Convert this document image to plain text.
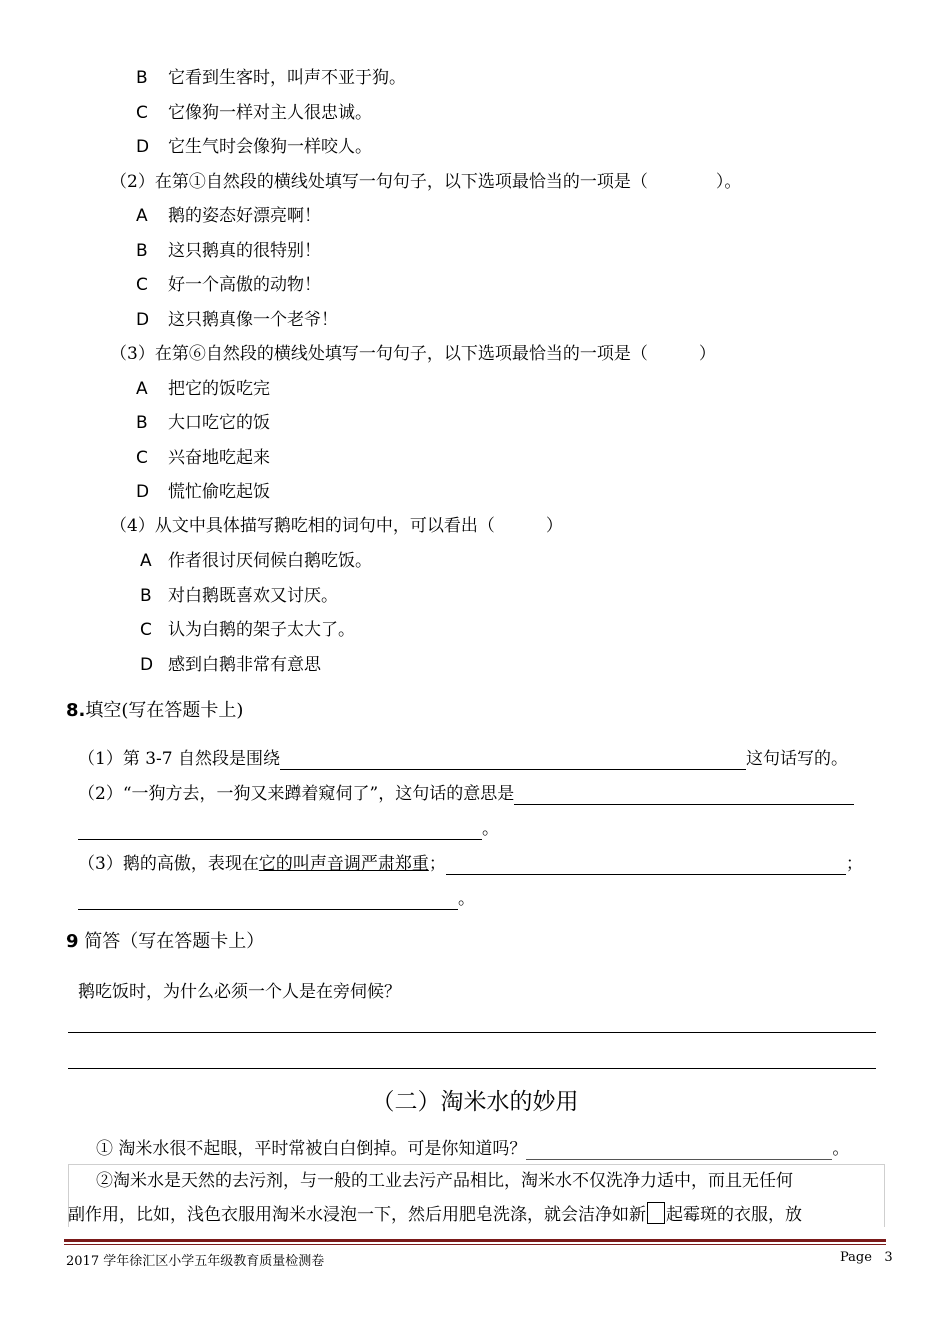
B 它看到生客时，叫声不亚于狗。
C 它像狗一样对主人很忠诚。
D 它生气时会像狗一样咬人。
（2）在第①自然段的横线处填写一句句子，以下选项最恰当的一项是（　　　　）。
A 鹅的姿态好漂亮啊！
B 这只鹅真的很特别！
C 好一个高傲的动物！
D 这只鹅真像一个老爷！
（3）在第⑥自然段的横线处填写一句句子，以下选项最恰当的一项是（　　　）
A 把它的饭吃完
B 大口吃它的饭
C 兴奋地吃起来
D 慌忙偷吃起饭
（4）从文中具体描写鹅吃相的词句中，可以看出（　　　）
A 作者很讨厌伺候白鹅吃饭。
B 对白鹅既喜欢又讨厌。
C 认为白鹅的架子太大了。
D 感到白鹅非常有意思
8.填空(写在答题卡上)
（1）第 3-7 自然段是围绕	这句话写的。
（2）“一狗方去，一狗又来蹲着窥伺了”，这句话的意思是
。
（3）鹅的高傲，表现在它的叫声音调严肃郑重；	；
。
9 简答（写在答题卡上）
鹅吃饭时，为什么必须一个人是在旁伺候？
（二）淘米水的妙用
① 淘米水很不起眼，平时常被白白倒掉。可是你知道吗？	。
②淘米水是天然的去污剂，与一般的工业去污产品相比，淘米水不仅洗净力适中，而且无任何
副作用，比如，浅色衣服用淘米水浸泡一下，然后用肥皂洗涤，就会洁净如新 起霉斑的衣服，放
2017 学年徐汇区小学五年级教育质量检测卷	Page 3
